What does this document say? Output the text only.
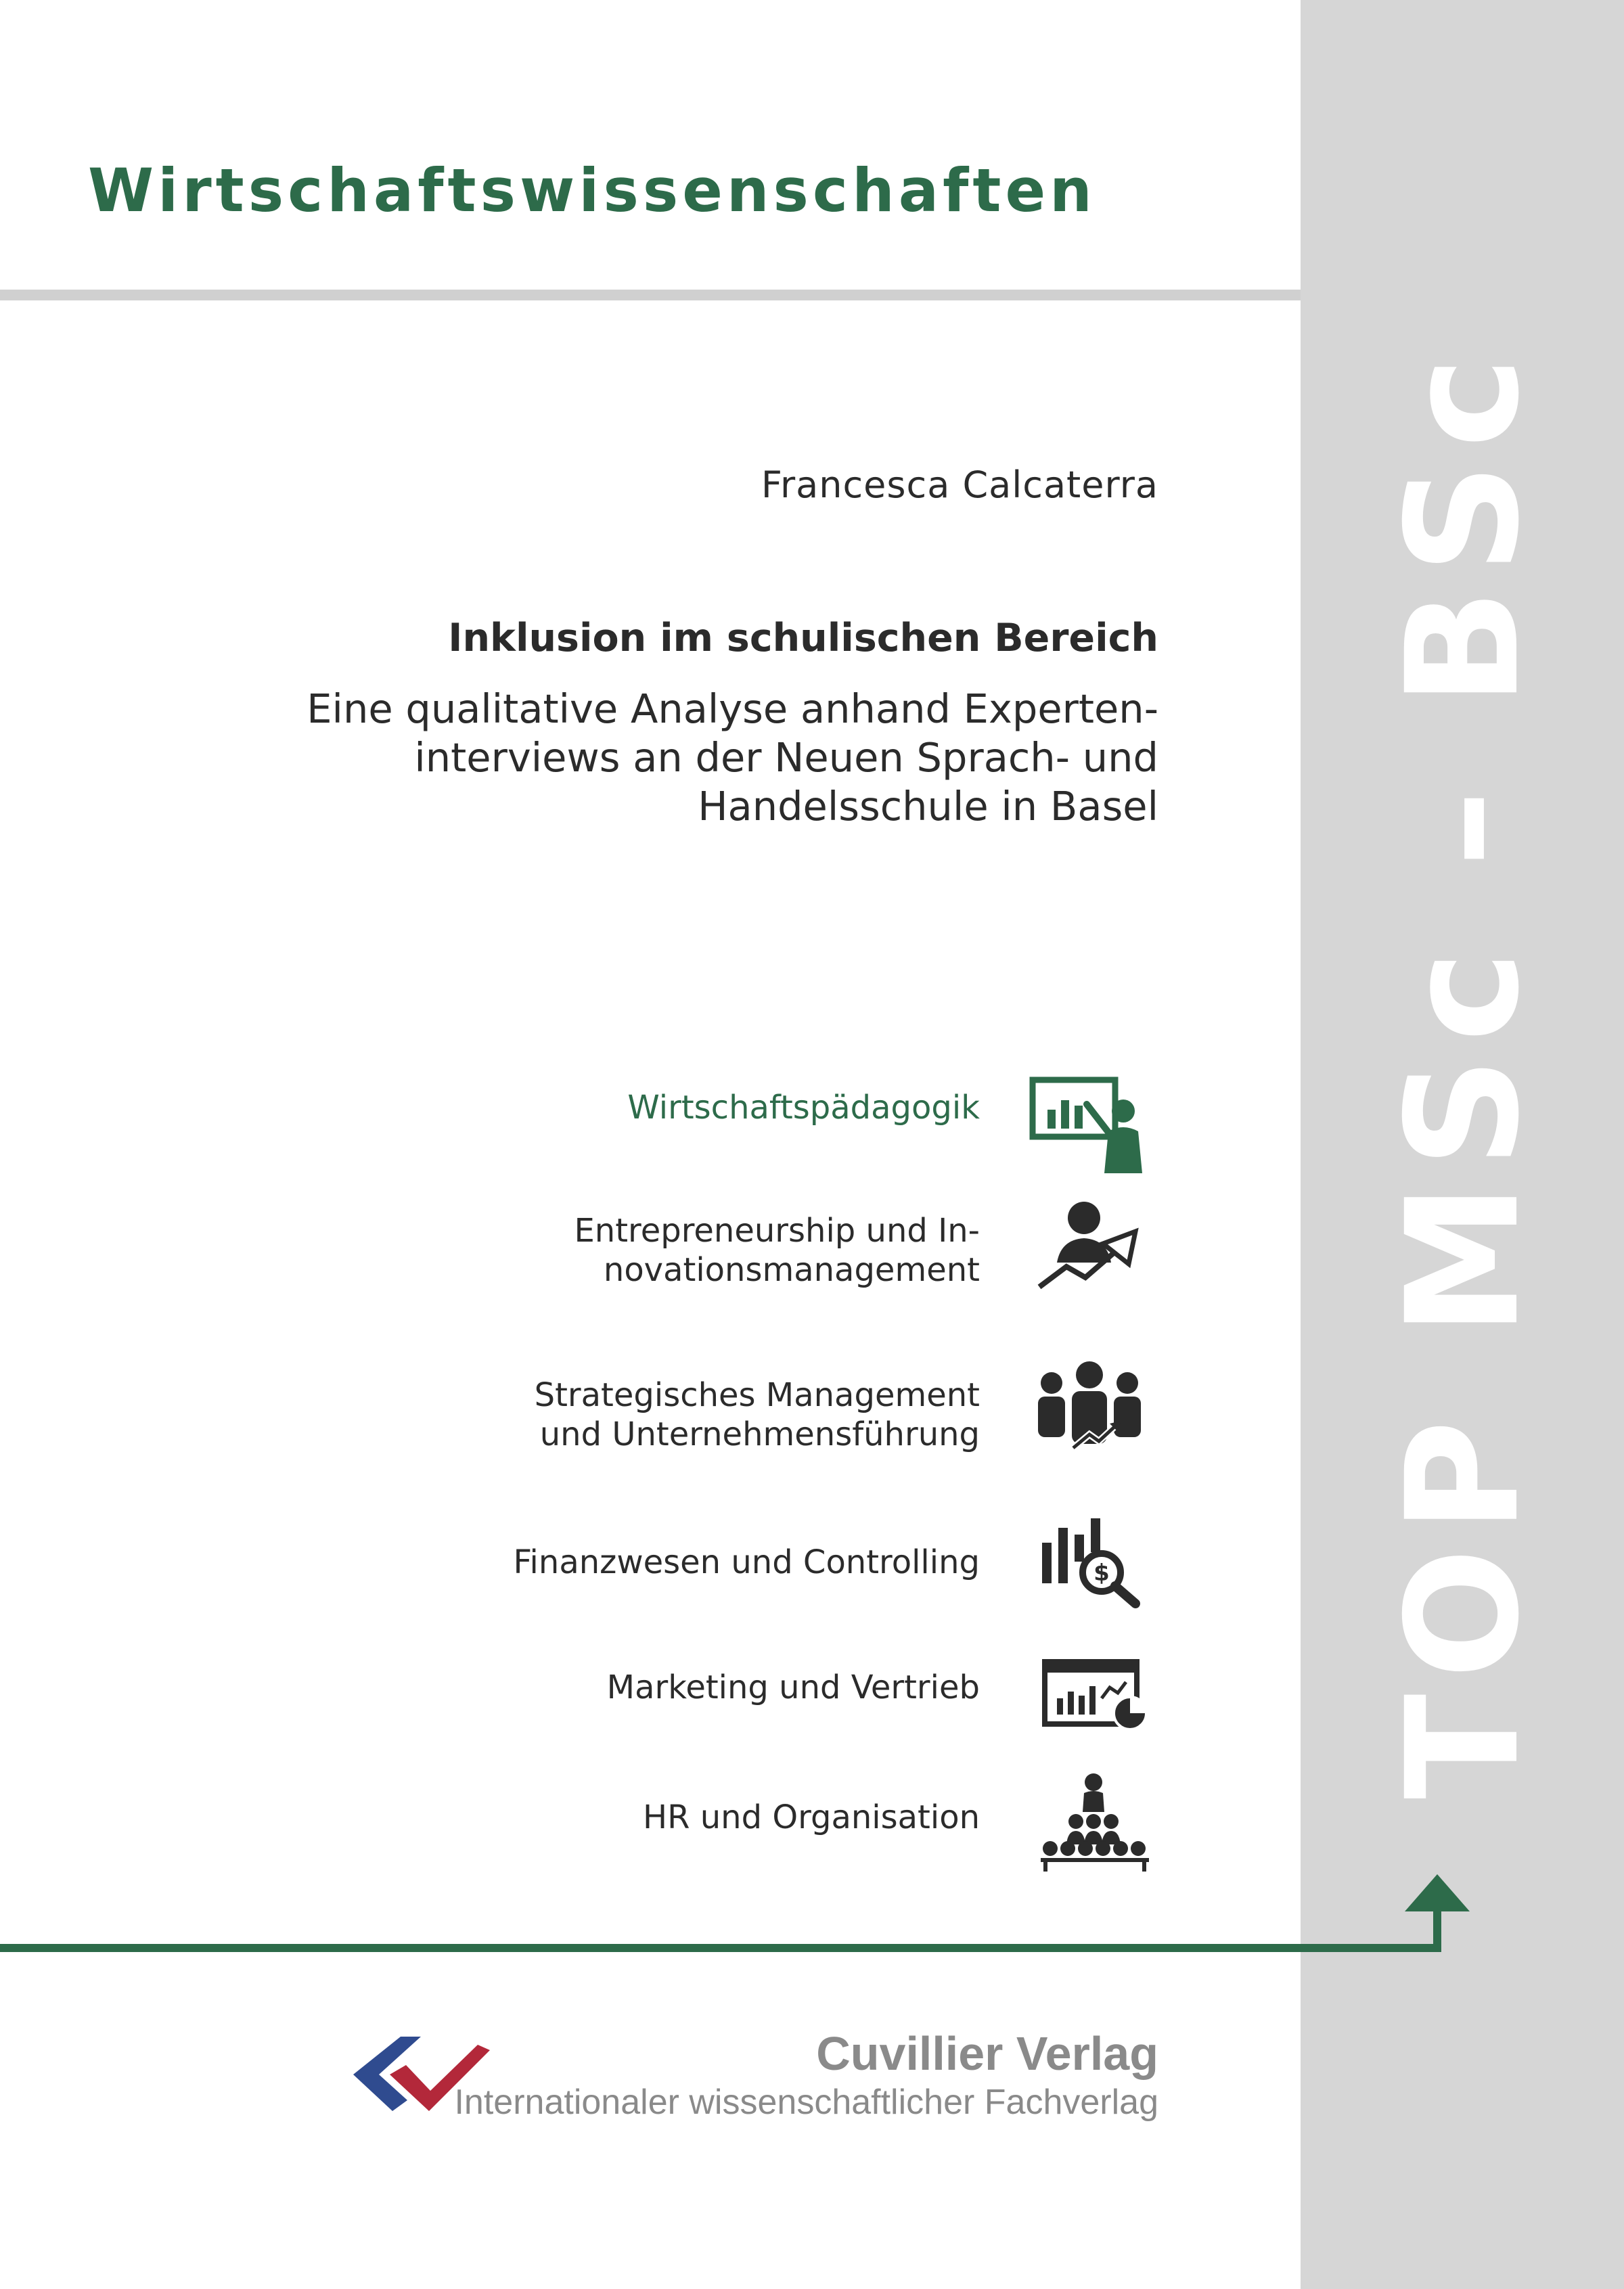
TOP MSc – BSc
Wirtschaftswissenschaften
Francesca Calcaterra
Inklusion im schulischen Bereich
Eine qualitative Analyse anhand Experten-
interviews an der Neuen Sprach- und
Handelsschule in Basel
Wirtschaftspädagogik
Entrepreneurship und In-
novationsmanagement
Strategisches Management
und Unternehmensführung
Finanzwesen und Controlling	$
Marketing und Vertrieb
HR und Organisation
Cuvillier Verlag
Internationaler wissenschaftlicher Fachverlag
